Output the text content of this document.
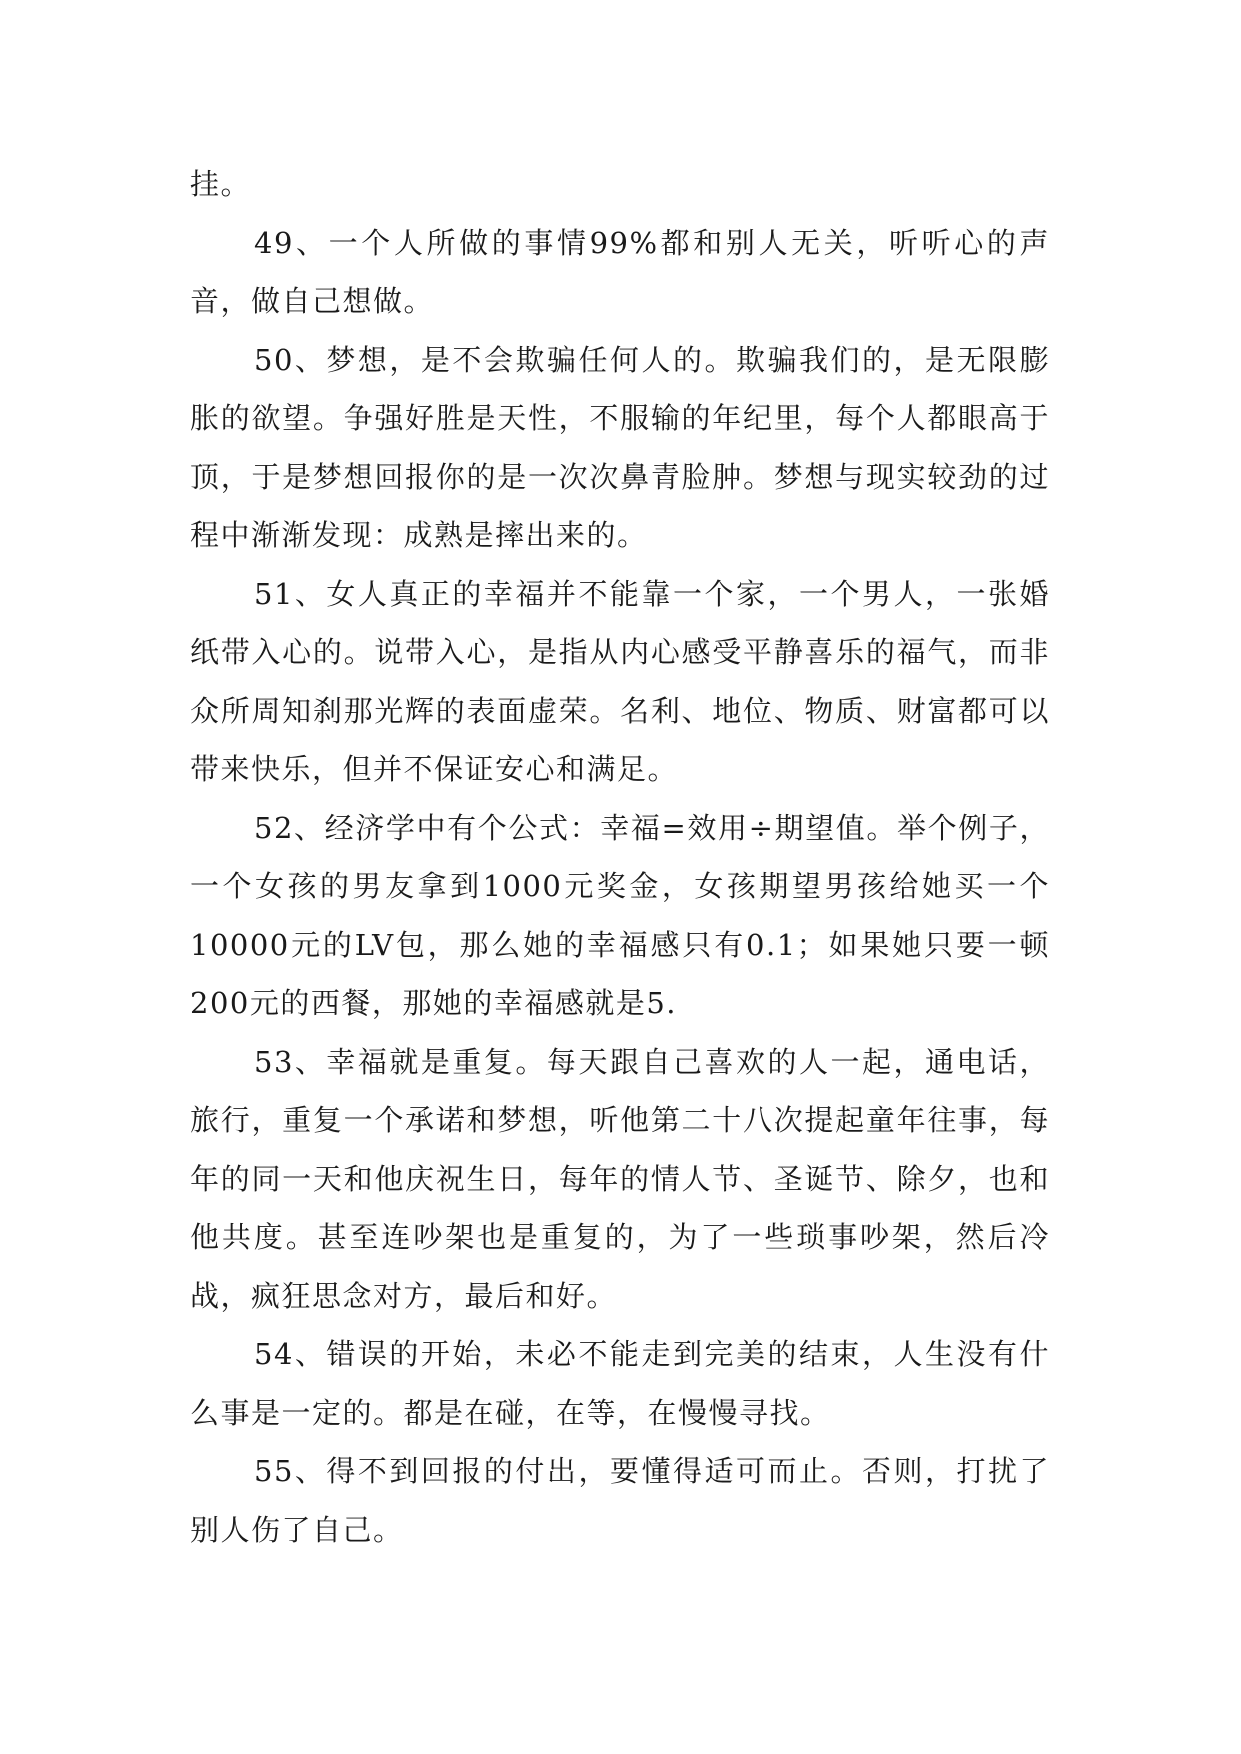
挂。

49、一个人所做的事情99%都和别人无关，听听心的声音，做自己想做。

50、梦想，是不会欺骗任何人的。欺骗我们的，是无限膨胀的欲望。争强好胜是天性，不服输的年纪里，每个人都眼高于顶，于是梦想回报你的是一次次鼻青脸肿。梦想与现实较劲的过程中渐渐发现：成熟是摔出来的。

51、女人真正的幸福并不能靠一个家，一个男人，一张婚纸带入心的。说带入心，是指从内心感受平静喜乐的福气，而非众所周知刹那光辉的表面虚荣。名利、地位、物质、财富都可以带来快乐，但并不保证安心和满足。

52、经济学中有个公式：幸福=效用÷期望值。举个例子，一个女孩的男友拿到1000元奖金，女孩期望男孩给她买一个10000元的LV包，那么她的幸福感只有0.1；如果她只要一顿200元的西餐，那她的幸福感就是5.

53、幸福就是重复。每天跟自己喜欢的人一起，通电话，旅行，重复一个承诺和梦想，听他第二十八次提起童年往事，每年的同一天和他庆祝生日，每年的情人节、圣诞节、除夕，也和他共度。甚至连吵架也是重复的，为了一些琐事吵架，然后冷战，疯狂思念对方，最后和好。

54、错误的开始，未必不能走到完美的结束，人生没有什么事是一定的。都是在碰，在等，在慢慢寻找。

55、得不到回报的付出，要懂得适可而止。否则，打扰了别人伤了自己。
